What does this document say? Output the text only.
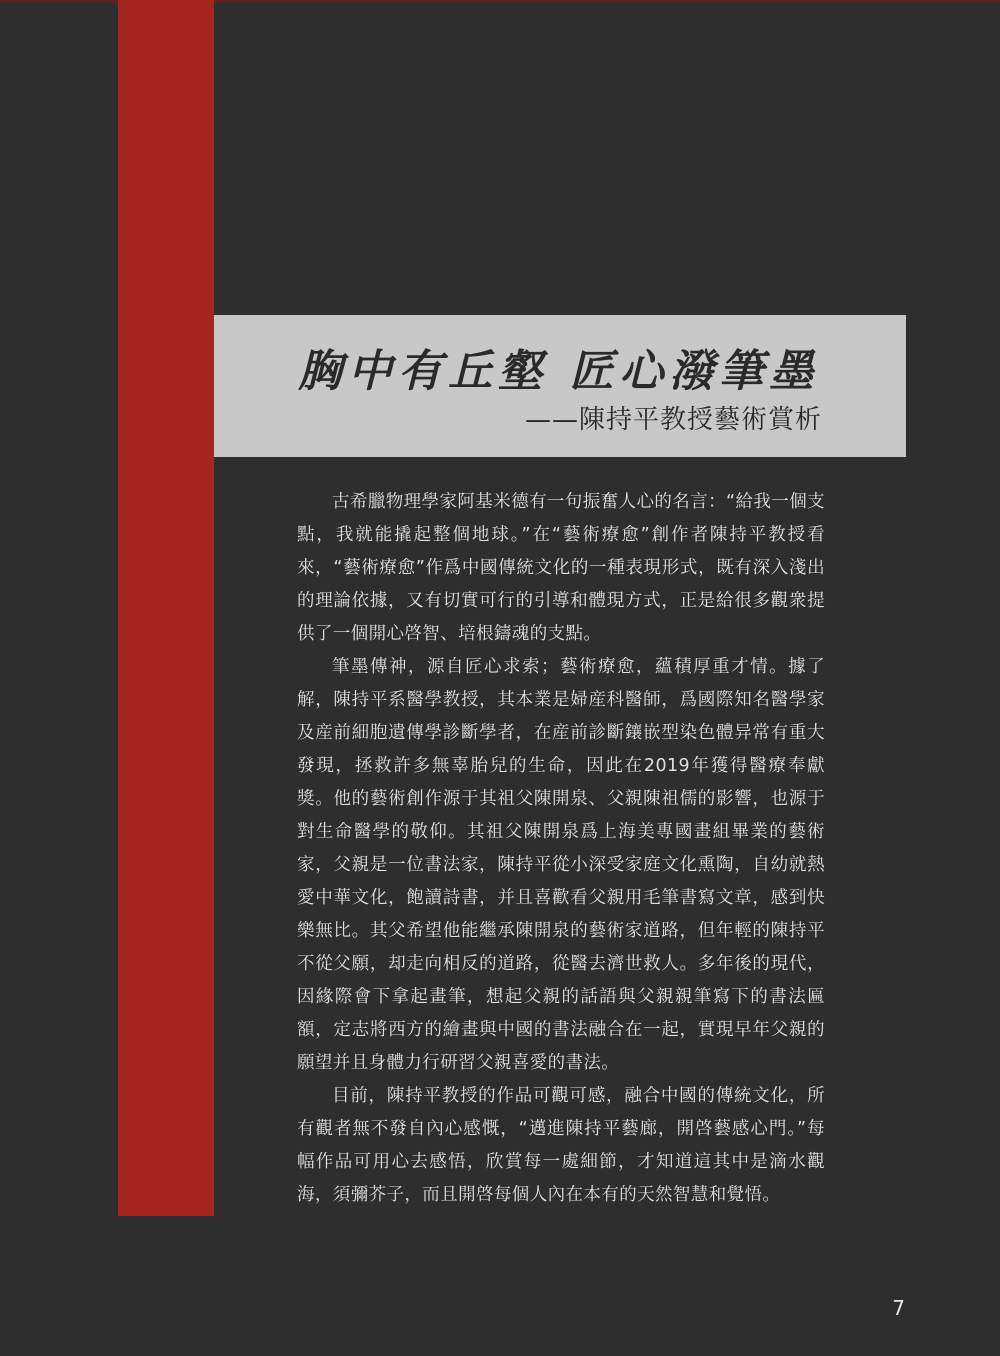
胸中有丘壑 匠心潑筆墨
——陳持平教授藝術賞析

古希臘物理學家阿基米德有一句振奮人心的名言：“給我一個支點，我就能撬起整個地球。”在“藝術療愈”創作者陳持平教授看來，“藝術療愈”作爲中國傳統文化的一種表現形式，既有深入淺出的理論依據，又有切實可行的引導和體現方式，正是給很多觀衆提供了一個開心啓智、培根鑄魂的支點。

筆墨傳神，源自匠心求索；藝術療愈，蘊積厚重才情。據了解，陳持平系醫學教授，其本業是婦産科醫師，爲國際知名醫學家及産前細胞遺傳學診斷學者，在産前診斷鑲嵌型染色體异常有重大發現，拯救許多無辜胎兒的生命，因此在2019年獲得醫療奉獻獎。他的藝術創作源于其祖父陳開泉、父親陳祖儒的影響，也源于對生命醫學的敬仰。其祖父陳開泉爲上海美專國畫組畢業的藝術家，父親是一位書法家，陳持平從小深受家庭文化熏陶，自幼就熱愛中華文化，飽讀詩書，并且喜歡看父親用毛筆書寫文章，感到快樂無比。其父希望他能繼承陳開泉的藝術家道路，但年輕的陳持平不從父願，却走向相反的道路，從醫去濟世救人。多年後的現代，因緣際會下拿起畫筆，想起父親的話語與父親親筆寫下的書法匾額，定志將西方的繪畫與中國的書法融合在一起，實現早年父親的願望并且身體力行研習父親喜愛的書法。

目前，陳持平教授的作品可觀可感，融合中國的傳統文化，所有觀者無不發自內心感慨，“邁進陳持平藝廊，開啓藝感心門。”每幅作品可用心去感悟，欣賞每一處細節，才知道這其中是滴水觀海，須彌芥子，而且開啓每個人內在本有的天然智慧和覺悟。

7
